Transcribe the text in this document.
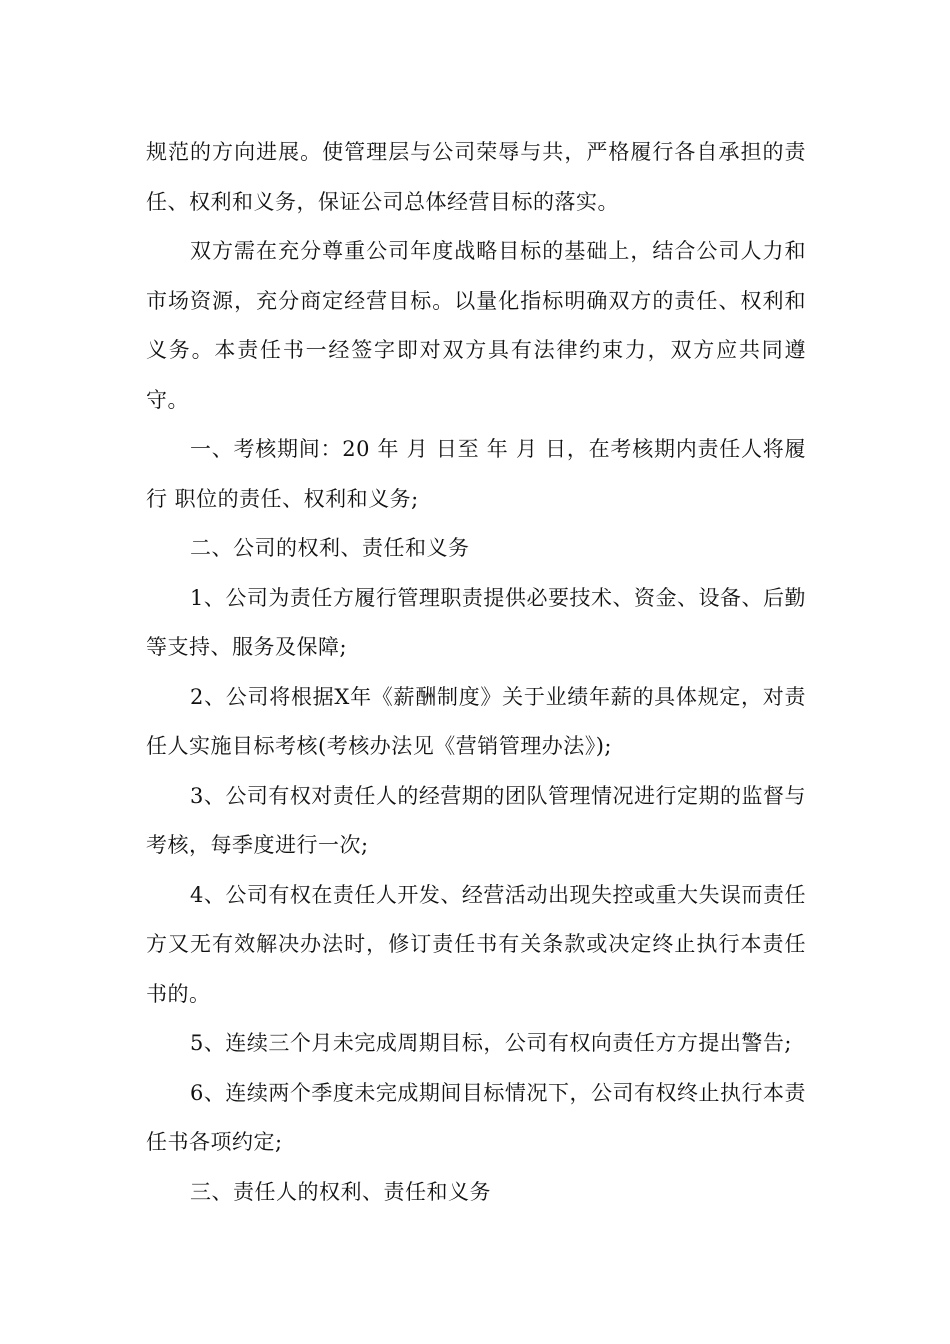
规范的方向进展。使管理层与公司荣辱与共，严格履行各自承担的责任、权利和义务，保证公司总体经营目标的落实。

双方需在充分尊重公司年度战略目标的基础上，结合公司人力和市场资源，充分商定经营目标。以量化指标明确双方的责任、权利和义务。本责任书一经签字即对双方具有法律约束力，双方应共同遵守。

一、考核期间：20 年 月 日至 年 月 日，在考核期内责任人将履行 职位的责任、权利和义务;

二、公司的权利、责任和义务

1、公司为责任方履行管理职责提供必要技术、资金、设备、后勤等支持、服务及保障;

2、公司将根据X年《薪酬制度》关于业绩年薪的具体规定，对责任人实施目标考核(考核办法见《营销管理办法》);

3、公司有权对责任人的经营期的团队管理情况进行定期的监督与考核，每季度进行一次;

4、公司有权在责任人开发、经营活动出现失控或重大失误而责任方又无有效解决办法时，修订责任书有关条款或决定终止执行本责任书的。

5、连续三个月未完成周期目标，公司有权向责任方方提出警告;

6、连续两个季度未完成期间目标情况下，公司有权终止执行本责任书各项约定;

三、责任人的权利、责任和义务
